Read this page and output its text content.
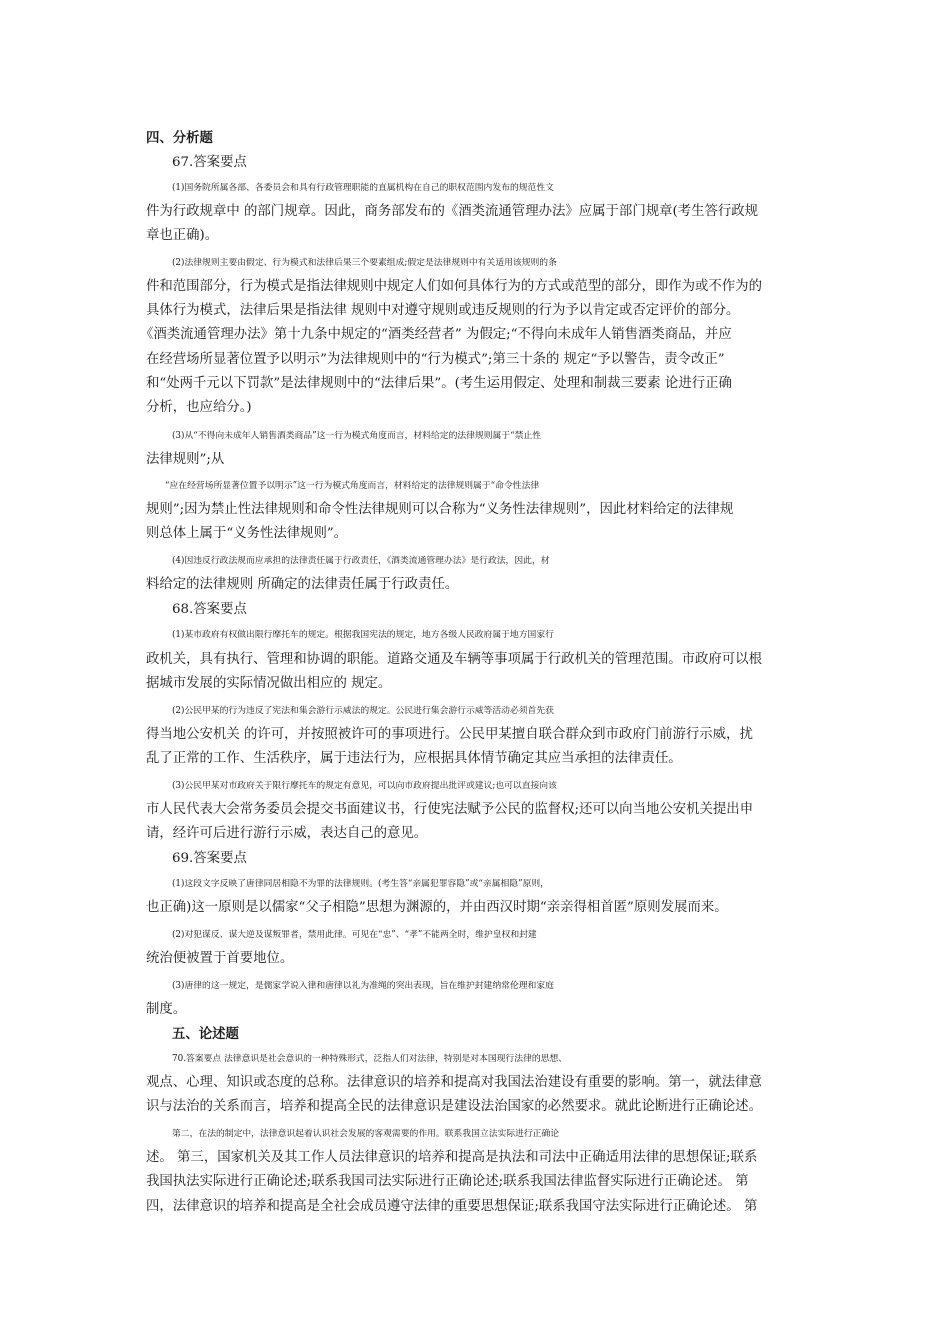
四、分析题
67.答案要点
(1)国务院所属各部、各委员会和具有行政管理职能的直属机构在自己的职权范围内发布的规范性文
件为行政规章中 的部门规章。因此，商务部发布的《酒类流通管理办法》应属于部门规章(考生答行政规
章也正确)。
(2)法律规则主要由假定、行为模式和法律后果三个要素组成;假定是法律规则中有关适用该规则的条
件和范围部分，行为模式是指法律规则中规定人们如何具体行为的方式或范型的部分，即作为或不作为的
具体行为模式，法律后果是指法律 规则中对遵守规则或违反规则的行为予以肯定或否定评价的部分。
《酒类流通管理办法》第十九条中规定的“酒类经营者” 为假定;“不得向未成年人销售酒类商品，并应
在经营场所显著位置予以明示”为法律规则中的“行为模式”;第三十条的 规定“予以警告，责令改正”
和“处两千元以下罚款”是法律规则中的“法律后果”。(考生运用假定、处理和制裁三要素 论进行正确
分析，也应给分。)
(3)从“不得向未成年人销售酒类商品”这一行为模式角度而言，材料给定的法律规则属于“禁止性
法律规则”;从
“应在经营场所显著位置予以明示”这一行为模式角度而言，材料给定的法律规则属于“命令性法律
规则”;因为禁止性法律规则和命令性法律规则可以合称为“义务性法律规则”，因此材料给定的法律规
则总体上属于“义务性法律规则”。
(4)因违反行政法规而应承担的法律责任属于行政责任，《酒类流通管理办法》是行政法，因此，材
料给定的法律规则 所确定的法律责任属于行政责任。
68.答案要点
(1)某市政府有权做出限行摩托车的规定。根据我国宪法的规定，地方各级人民政府属于地方国家行
政机关，具有执行、管理和协调的职能。道路交通及车辆等事项属于行政机关的管理范围。市政府可以根
据城市发展的实际情况做出相应的 规定。
(2)公民甲某的行为违反了宪法和集会游行示威法的规定。公民进行集会游行示威等活动必须首先获
得当地公安机关 的许可，并按照被许可的事项进行。公民甲某擅自联合群众到市政府门前游行示威，扰
乱了正常的工作、生活秩序，属于违法行为，应根据具体情节确定其应当承担的法律责任。
(3)公民甲某对市政府关于限行摩托车的规定有意见，可以向市政府提出批评或建议;也可以直接向该
市人民代表大会常务委员会提交书面建议书，行使宪法赋予公民的监督权;还可以向当地公安机关提出申
请，经许可后进行游行示威，表达自己的意见。
69.答案要点
(1)这段文字反映了唐律同居相隐不为罪的法律规则。(考生答“亲属犯罪容隐”或“亲属相隐”原则，
也正确)这一原则是以儒家“父子相隐”思想为渊源的，并由西汉时期“亲亲得相首匿”原则发展而来。
(2)对犯谋反、谋大逆及谋叛罪者，禁用此律。可见在“忠”、“孝”不能两全时，维护皇权和封建
统治便被置于首要地位。
(3)唐律的这一规定，是儒家学说入律和唐律以礼为准绳的突出表现，旨在维护封建纳常伦理和家庭
制度。
五、论述题
70.答案要点 法律意识是社会意识的一种特殊形式，泛指人们对法律，特别是对本国现行法律的思想、
观点、心理、知识或态度的总称。法律意识的培养和提高对我国法治建设有重要的影响。第一，就法律意
识与法治的关系而言，培养和提高全民的法律意识是建设法治国家的必然要求。就此论断进行正确论述。
第二，在法的制定中，法律意识起着认识社会发展的客观需要的作用。联系我国立法实际进行正确论
述。 第三，国家机关及其工作人员法律意识的培养和提高是执法和司法中正确适用法律的思想保证;联系
我国执法实际进行正确论述;联系我国司法实际进行正确论述;联系我国法律监督实际进行正确论述。 第
四，法律意识的培养和提高是全社会成员遵守法律的重要思想保证;联系我国守法实际进行正确论述。 第
